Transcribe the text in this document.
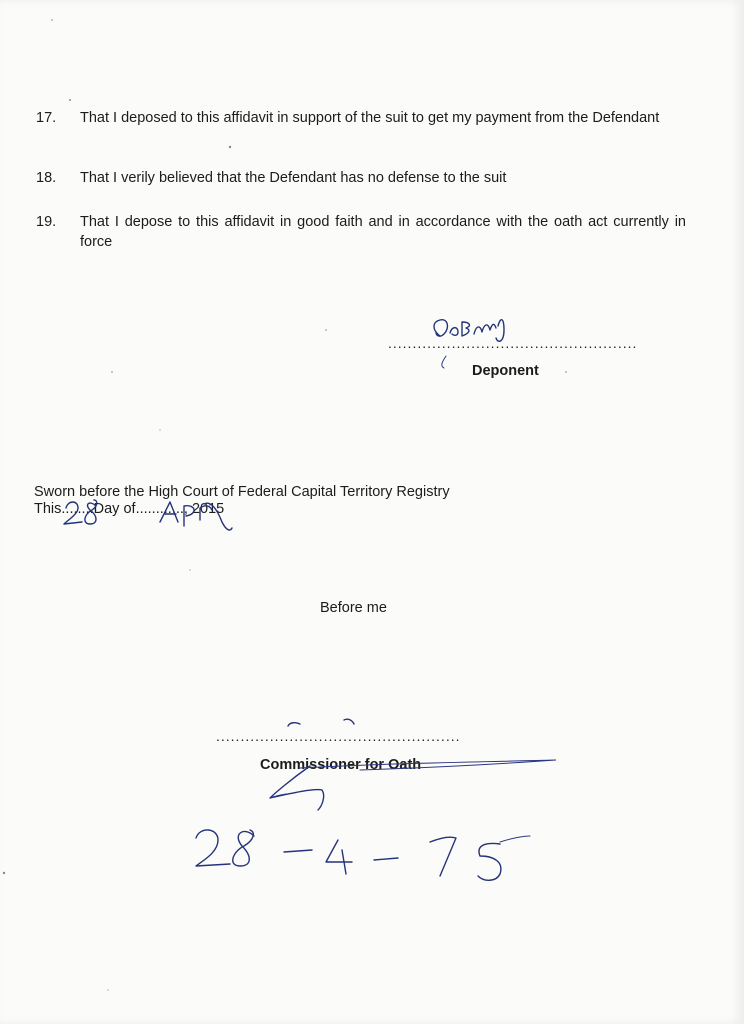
17.	That I deposed to this affidavit in support of the suit to get my payment from the Defendant
18.	That I verily believed that the Defendant has no defense to the suit
19.	That I depose to this affidavit in good faith and in accordance with the oath act currently in force
...................................................
Deponent
Sworn before the High Court of Federal Capital Territory Registry
This........Day of............, 2015
Before me
..................................................
Commissioner for Oath
